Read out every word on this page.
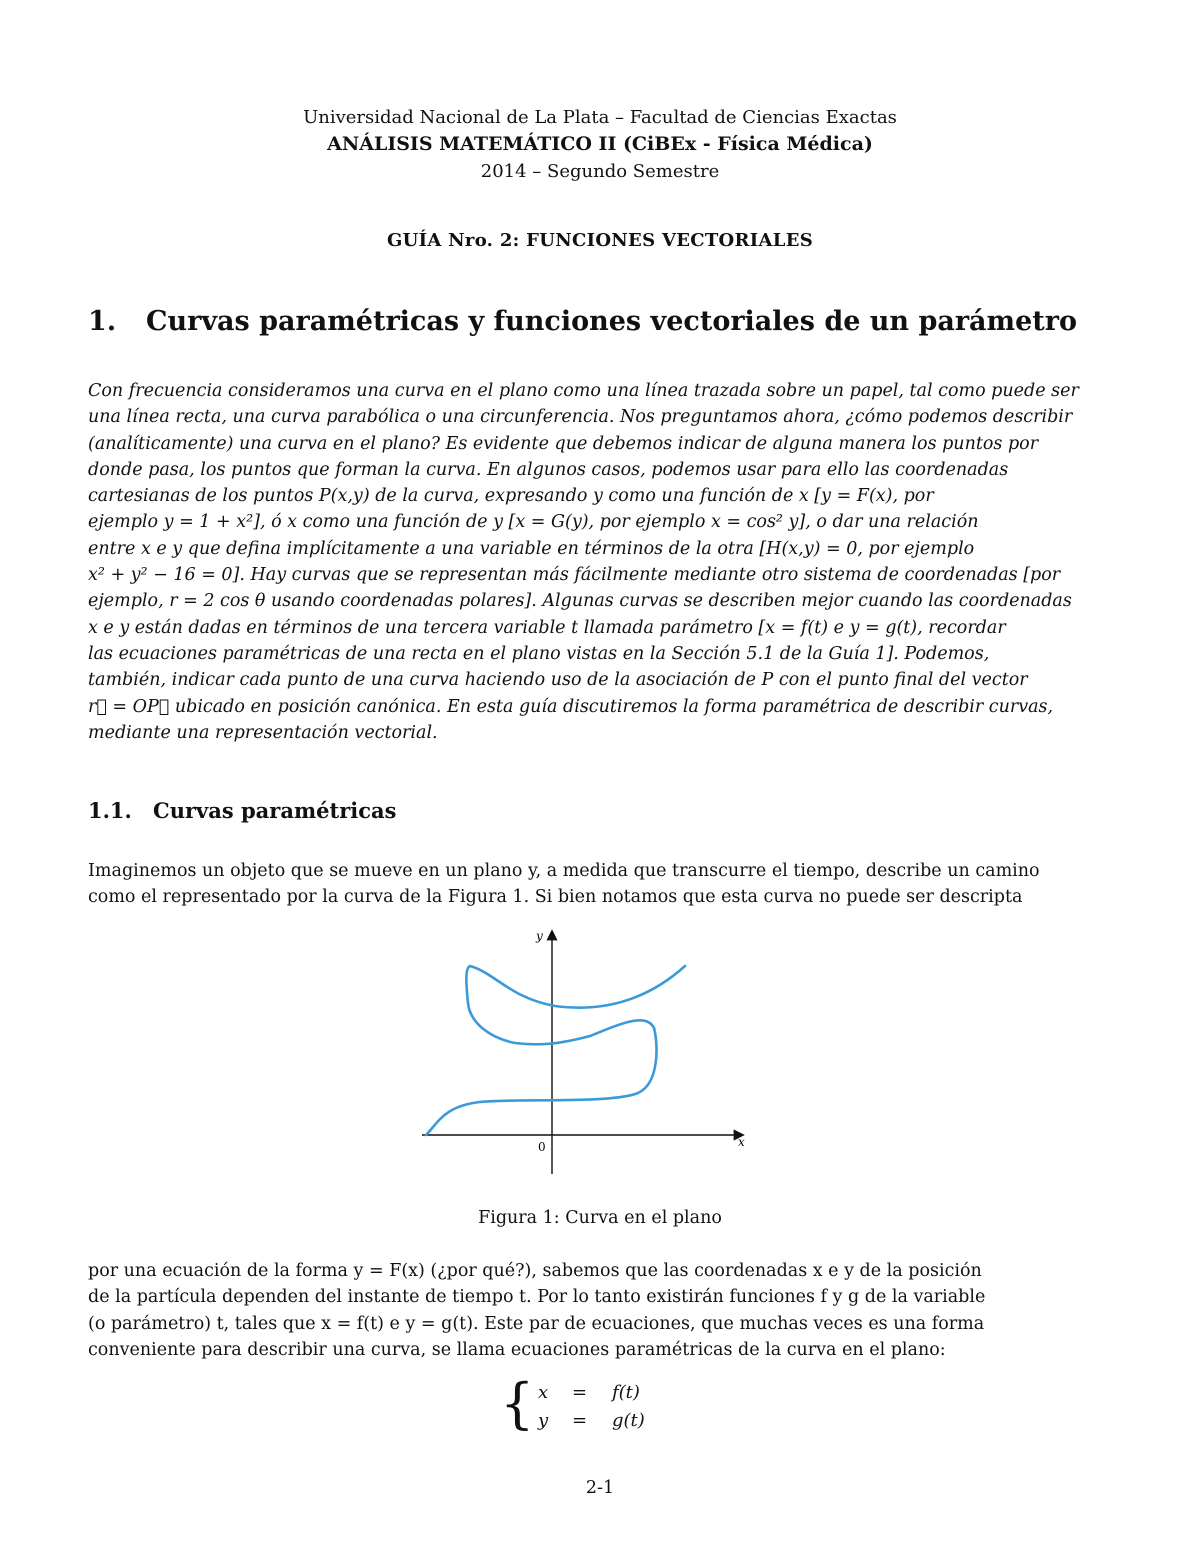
Universidad Nacional de La Plata – Facultad de Ciencias Exactas
ANÁLISIS MATEMÁTICO II (CiBEx - Física Médica)
2014 – Segundo Semestre
GUÍA Nro. 2: FUNCIONES VECTORIALES
1. Curvas paramétricas y funciones vectoriales de un parámetro
Con frecuencia consideramos una curva en el plano como una línea trazada sobre un papel, tal como puede ser
una línea recta, una curva parabólica o una circunferencia. Nos preguntamos ahora, ¿cómo podemos describir
(analíticamente) una curva en el plano? Es evidente que debemos indicar de alguna manera los puntos por
donde pasa, los puntos que forman la curva. En algunos casos, podemos usar para ello las coordenadas
cartesianas de los puntos P(x,y) de la curva, expresando y como una función de x [y = F(x), por
ejemplo y = 1 + x²], ó x como una función de y [x = G(y), por ejemplo x = cos² y], o dar una relación
entre x e y que defina implícitamente a una variable en términos de la otra [H(x,y) = 0, por ejemplo
x² + y² − 16 = 0]. Hay curvas que se representan más fácilmente mediante otro sistema de coordenadas [por
ejemplo, r = 2 cos θ usando coordenadas polares]. Algunas curvas se describen mejor cuando las coordenadas
x e y están dadas en términos de una tercera variable t llamada parámetro [x = f(t) e y = g(t), recordar
las ecuaciones paramétricas de una recta en el plano vistas en la Sección 5.1 de la Guía 1]. Podemos,
también, indicar cada punto de una curva haciendo uso de la asociación de P con el punto final del vector
r⃗ = OP⃗ ubicado en posición canónica. En esta guía discutiremos la forma paramétrica de describir curvas,
mediante una representación vectorial.
1.1. Curvas paramétricas
Imaginemos un objeto que se mueve en un plano y, a medida que transcurre el tiempo, describe un camino
como el representado por la curva de la Figura 1. Si bien notamos que esta curva no puede ser descripta
y
x
0
Figura 1: Curva en el plano
por una ecuación de la forma y = F(x) (¿por qué?), sabemos que las coordenadas x e y de la posición
de la partícula dependen del instante de tiempo t. Por lo tanto existirán funciones f y g de la variable
(o parámetro) t, tales que x = f(t) e y = g(t). Este par de ecuaciones, que muchas veces es una forma
conveniente para describir una curva, se llama ecuaciones paramétricas de la curva en el plano:
{ x = f(t)
y = g(t)
2-1
